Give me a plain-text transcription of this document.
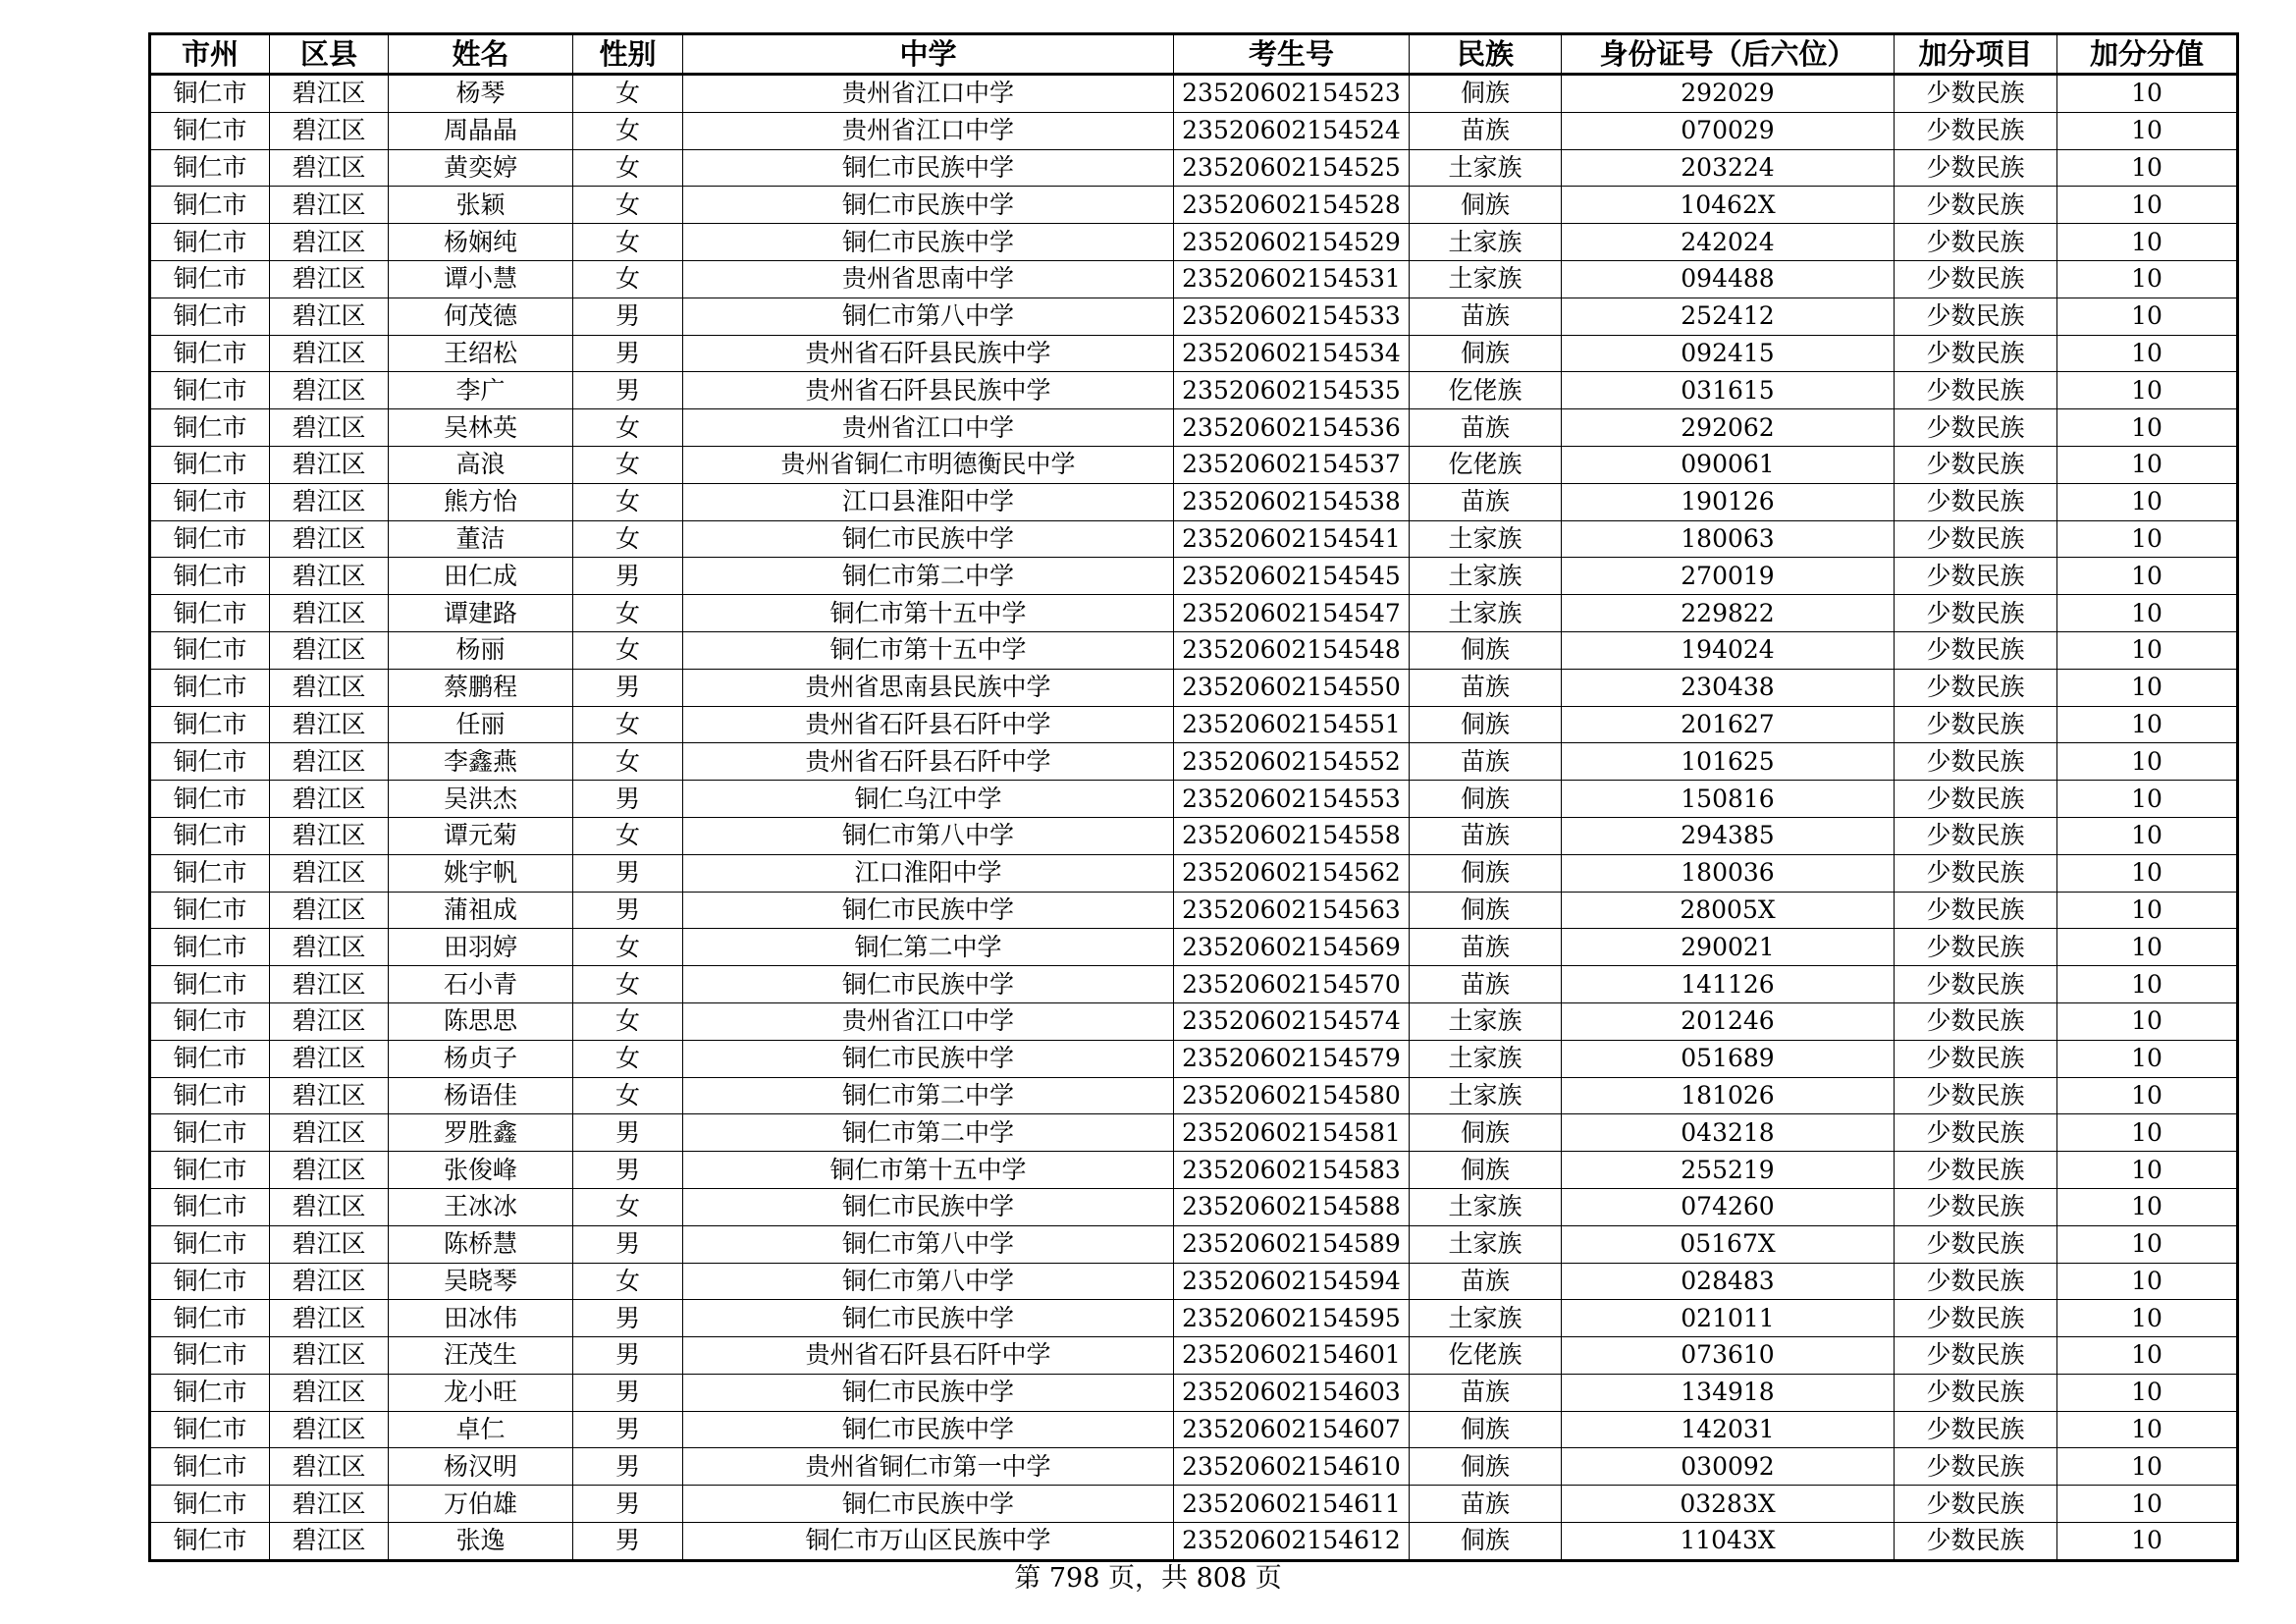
市州	区县	姓名	性别	中学	考生号	民族	身份证号（后六位）	加分项目	加分分值
铜仁市	碧江区	杨琴	女	贵州省江口中学	23520602154523	侗族	292029	少数民族	10
铜仁市	碧江区	周晶晶	女	贵州省江口中学	23520602154524	苗族	070029	少数民族	10
铜仁市	碧江区	黄奕婷	女	铜仁市民族中学	23520602154525	土家族	203224	少数民族	10
铜仁市	碧江区	张颖	女	铜仁市民族中学	23520602154528	侗族	10462X	少数民族	10
铜仁市	碧江区	杨娴纯	女	铜仁市民族中学	23520602154529	土家族	242024	少数民族	10
铜仁市	碧江区	谭小慧	女	贵州省思南中学	23520602154531	土家族	094488	少数民族	10
铜仁市	碧江区	何茂德	男	铜仁市第八中学	23520602154533	苗族	252412	少数民族	10
铜仁市	碧江区	王绍松	男	贵州省石阡县民族中学	23520602154534	侗族	092415	少数民族	10
铜仁市	碧江区	李广	男	贵州省石阡县民族中学	23520602154535	仡佬族	031615	少数民族	10
铜仁市	碧江区	吴林英	女	贵州省江口中学	23520602154536	苗族	292062	少数民族	10
铜仁市	碧江区	高浪	女	贵州省铜仁市明德衡民中学	23520602154537	仡佬族	090061	少数民族	10
铜仁市	碧江区	熊方怡	女	江口县淮阳中学	23520602154538	苗族	190126	少数民族	10
铜仁市	碧江区	董洁	女	铜仁市民族中学	23520602154541	土家族	180063	少数民族	10
铜仁市	碧江区	田仁成	男	铜仁市第二中学	23520602154545	土家族	270019	少数民族	10
铜仁市	碧江区	谭建路	女	铜仁市第十五中学	23520602154547	土家族	229822	少数民族	10
铜仁市	碧江区	杨丽	女	铜仁市第十五中学	23520602154548	侗族	194024	少数民族	10
铜仁市	碧江区	蔡鹏程	男	贵州省思南县民族中学	23520602154550	苗族	230438	少数民族	10
铜仁市	碧江区	任丽	女	贵州省石阡县石阡中学	23520602154551	侗族	201627	少数民族	10
铜仁市	碧江区	李鑫燕	女	贵州省石阡县石阡中学	23520602154552	苗族	101625	少数民族	10
铜仁市	碧江区	吴洪杰	男	铜仁乌江中学	23520602154553	侗族	150816	少数民族	10
铜仁市	碧江区	谭元菊	女	铜仁市第八中学	23520602154558	苗族	294385	少数民族	10
铜仁市	碧江区	姚宇帆	男	江口淮阳中学	23520602154562	侗族	180036	少数民族	10
铜仁市	碧江区	蒲祖成	男	铜仁市民族中学	23520602154563	侗族	28005X	少数民族	10
铜仁市	碧江区	田羽婷	女	铜仁第二中学	23520602154569	苗族	290021	少数民族	10
铜仁市	碧江区	石小青	女	铜仁市民族中学	23520602154570	苗族	141126	少数民族	10
铜仁市	碧江区	陈思思	女	贵州省江口中学	23520602154574	土家族	201246	少数民族	10
铜仁市	碧江区	杨贞子	女	铜仁市民族中学	23520602154579	土家族	051689	少数民族	10
铜仁市	碧江区	杨语佳	女	铜仁市第二中学	23520602154580	土家族	181026	少数民族	10
铜仁市	碧江区	罗胜鑫	男	铜仁市第二中学	23520602154581	侗族	043218	少数民族	10
铜仁市	碧江区	张俊峰	男	铜仁市第十五中学	23520602154583	侗族	255219	少数民族	10
铜仁市	碧江区	王冰冰	女	铜仁市民族中学	23520602154588	土家族	074260	少数民族	10
铜仁市	碧江区	陈桥慧	男	铜仁市第八中学	23520602154589	土家族	05167X	少数民族	10
铜仁市	碧江区	吴晓琴	女	铜仁市第八中学	23520602154594	苗族	028483	少数民族	10
铜仁市	碧江区	田冰伟	男	铜仁市民族中学	23520602154595	土家族	021011	少数民族	10
铜仁市	碧江区	汪茂生	男	贵州省石阡县石阡中学	23520602154601	仡佬族	073610	少数民族	10
铜仁市	碧江区	龙小旺	男	铜仁市民族中学	23520602154603	苗族	134918	少数民族	10
铜仁市	碧江区	卓仁	男	铜仁市民族中学	23520602154607	侗族	142031	少数民族	10
铜仁市	碧江区	杨汉明	男	贵州省铜仁市第一中学	23520602154610	侗族	030092	少数民族	10
铜仁市	碧江区	万伯雄	男	铜仁市民族中学	23520602154611	苗族	03283X	少数民族	10
铜仁市	碧江区	张逸	男	铜仁市万山区民族中学	23520602154612	侗族	11043X	少数民族	10
第 798 页，共 808 页
